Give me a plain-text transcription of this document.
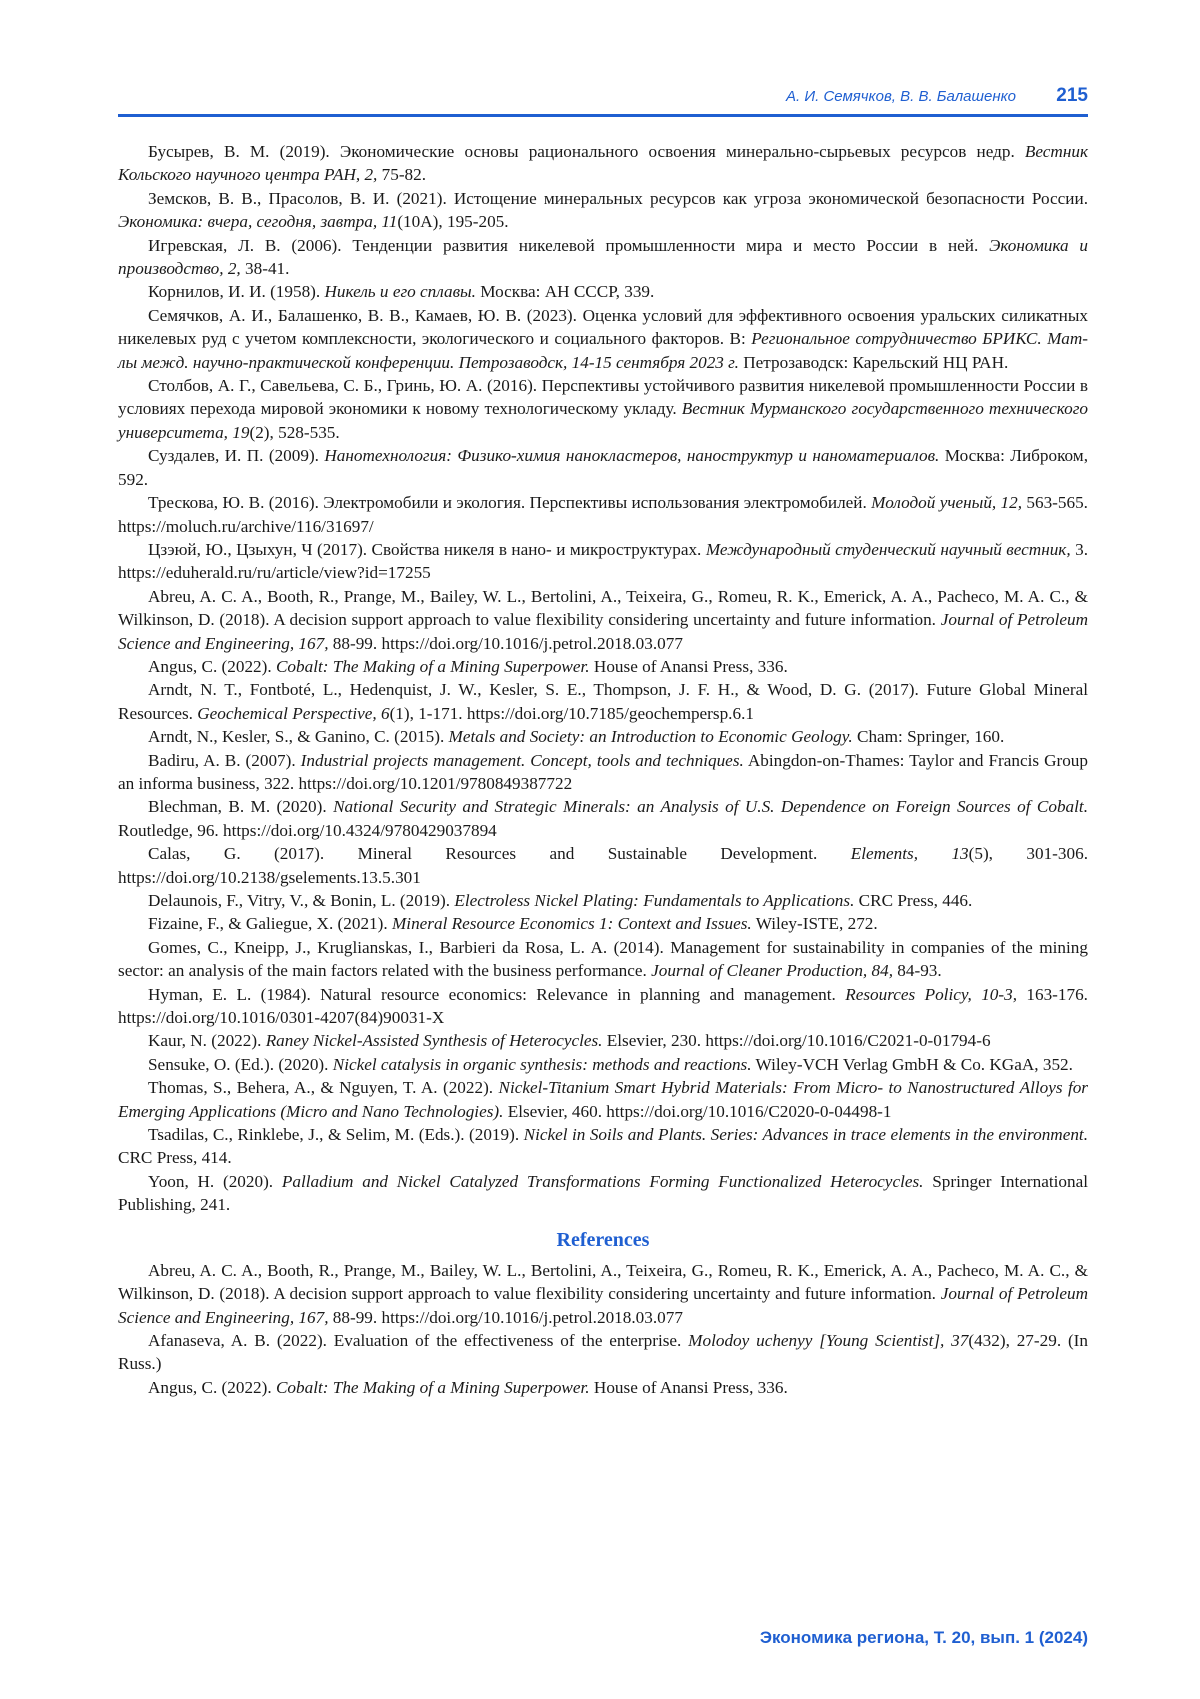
А. И. Семячков, В. В. Балашенко 215

Бусырев, В. М. (2019). Экономические основы рационального освоения минерально-сырьевых ресурсов недр. Вестник Кольского научного центра РАН, 2, 75-82.

Земсков, В. В., Прасолов, В. И. (2021). Истощение минеральных ресурсов как угроза экономической безопасности России. Экономика: вчера, сегодня, завтра, 11(10А), 195-205.

Игревская, Л. В. (2006). Тенденции развития никелевой промышленности мира и место России в ней. Экономика и производство, 2, 38-41.

Корнилов, И. И. (1958). Никель и его сплавы. Москва: АН СССР, 339.

Семячков, А. И., Балашенко, В. В., Камаев, Ю. В. (2023). Оценка условий для эффективного освоения уральских силикатных никелевых руд с учетом комплексности, экологического и социального факторов. В: Региональное сотрудничество БРИКС. Мат-лы межд. научно-практической конференции. Петрозаводск, 14-15 сентября 2023 г. Петрозаводск: Карельский НЦ РАН.

Столбов, А. Г., Савельева, С. Б., Гринь, Ю. А. (2016). Перспективы устойчивого развития никелевой промышленности России в условиях перехода мировой экономики к новому технологическому укладу. Вестник Мурманского государственного технического университета, 19(2), 528-535.

Суздалев, И. П. (2009). Нанотехнология: Физико-химия нанокластеров, наноструктур и наноматериалов. Москва: Либроком, 592.

Трескова, Ю. В. (2016). Электромобили и экология. Перспективы использования электромобилей. Молодой ученый, 12, 563-565. https://moluch.ru/archive/116/31697/

Цзэюй, Ю., Цзыхун, Ч (2017). Свойства никеля в нано- и микроструктурах. Международный студенческий научный вестник, 3. https://eduherald.ru/ru/article/view?id=17255

Abreu, A. C. A., Booth, R., Prange, M., Bailey, W. L., Bertolini, A., Teixeira, G., Romeu, R. K., Emerick, A. A., Pacheco, M. A. C., & Wilkinson, D. (2018). A decision support approach to value flexibility considering uncertainty and future information. Journal of Petroleum Science and Engineering, 167, 88-99. https://doi.org/10.1016/j.petrol.2018.03.077

Angus, C. (2022). Cobalt: The Making of a Mining Superpower. House of Anansi Press, 336.

Arndt, N. T., Fontboté, L., Hedenquist, J. W., Kesler, S. E., Thompson, J. F. H., & Wood, D. G. (2017). Future Global Mineral Resources. Geochemical Perspective, 6(1), 1-171. https://doi.org/10.7185/geochempersp.6.1

Arndt, N., Kesler, S., & Ganino, C. (2015). Metals and Society: an Introduction to Economic Geology. Cham: Springer, 160.

Badiru, A. B. (2007). Industrial projects management. Concept, tools and techniques. Abingdon-on-Thames: Taylor and Francis Group an informa business, 322. https://doi.org/10.1201/9780849387722

Blechman, B. M. (2020). National Security and Strategic Minerals: an Analysis of U.S. Dependence on Foreign Sources of Cobalt. Routledge, 96. https://doi.org/10.4324/9780429037894

Calas, G. (2017). Mineral Resources and Sustainable Development. Elements, 13(5), 301-306. https://doi.org/10.2138/gselements.13.5.301

Delaunois, F., Vitry, V., & Bonin, L. (2019). Electroless Nickel Plating: Fundamentals to Applications. CRC Press, 446.

Fizaine, F., & Galiegue, X. (2021). Mineral Resource Economics 1: Context and Issues. Wiley-ISTE, 272.

Gomes, C., Kneipp, J., Kruglianskas, I., Barbieri da Rosa, L. A. (2014). Management for sustainability in companies of the mining sector: an analysis of the main factors related with the business performance. Journal of Cleaner Production, 84, 84-93.

Hyman, E. L. (1984). Natural resource economics: Relevance in planning and management. Resources Policy, 10-3, 163-176. https://doi.org/10.1016/0301-4207(84)90031-X

Kaur, N. (2022). Raney Nickel-Assisted Synthesis of Heterocycles. Elsevier, 230. https://doi.org/10.1016/C2021-0-01794-6

Sensuke, O. (Ed.). (2020). Nickel catalysis in organic synthesis: methods and reactions. Wiley-VCH Verlag GmbH & Co. KGaA, 352.

Thomas, S., Behera, A., & Nguyen, T. A. (2022). Nickel-Titanium Smart Hybrid Materials: From Micro- to Nanostructured Alloys for Emerging Applications (Micro and Nano Technologies). Elsevier, 460. https://doi.org/10.1016/C2020-0-04498-1

Tsadilas, C., Rinklebe, J., & Selim, M. (Eds.). (2019). Nickel in Soils and Plants. Series: Advances in trace elements in the environment. CRC Press, 414.

Yoon, H. (2020). Palladium and Nickel Catalyzed Transformations Forming Functionalized Heterocycles. Springer International Publishing, 241.

References

Abreu, A. C. A., Booth, R., Prange, M., Bailey, W. L., Bertolini, A., Teixeira, G., Romeu, R. K., Emerick, A. A., Pacheco, M. A. C., & Wilkinson, D. (2018). A decision support approach to value flexibility considering uncertainty and future information. Journal of Petroleum Science and Engineering, 167, 88-99. https://doi.org/10.1016/j.petrol.2018.03.077

Afanaseva, A. B. (2022). Evaluation of the effectiveness of the enterprise. Molodoy uchenyy [Young Scientist], 37(432), 27-29. (In Russ.)

Angus, C. (2022). Cobalt: The Making of a Mining Superpower. House of Anansi Press, 336.

Экономика региона, Т. 20, вып. 1 (2024)
